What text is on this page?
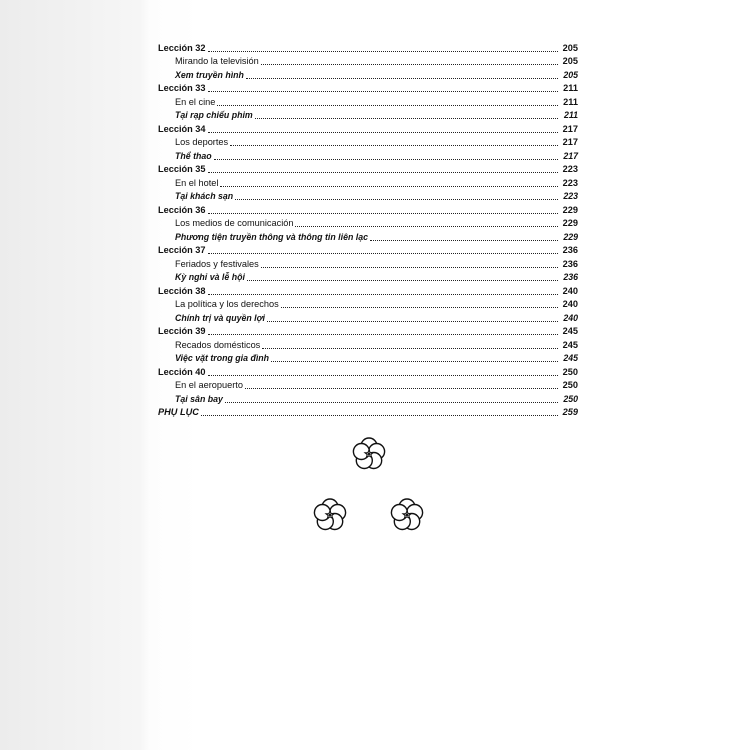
Lección 32	205
Mirando la televisión	205
Xem truyền hình	205
Lección 33	211
En el cine	211
Tại rạp chiếu phim	211
Lección 34	217
Los deportes	217
Thể thao	217
Lección 35	223
En el hotel	223
Tại khách sạn	223
Lección 36	229
Los medios de comunicación	229
Phương tiện truyền thông và thông tin liên lạc	229
Lección 37	236
Feriados y festivales	236
Kỳ nghỉ và lễ hội	236
Lección 38	240
La política y los derechos	240
Chính trị và quyền lợi	240
Lección 39	245
Recados domésticos	245
Việc vặt trong gia đình	245
Lección 40	250
En el aeropuerto	250
Tại sân bay	250
PHỤ LỤC	259
